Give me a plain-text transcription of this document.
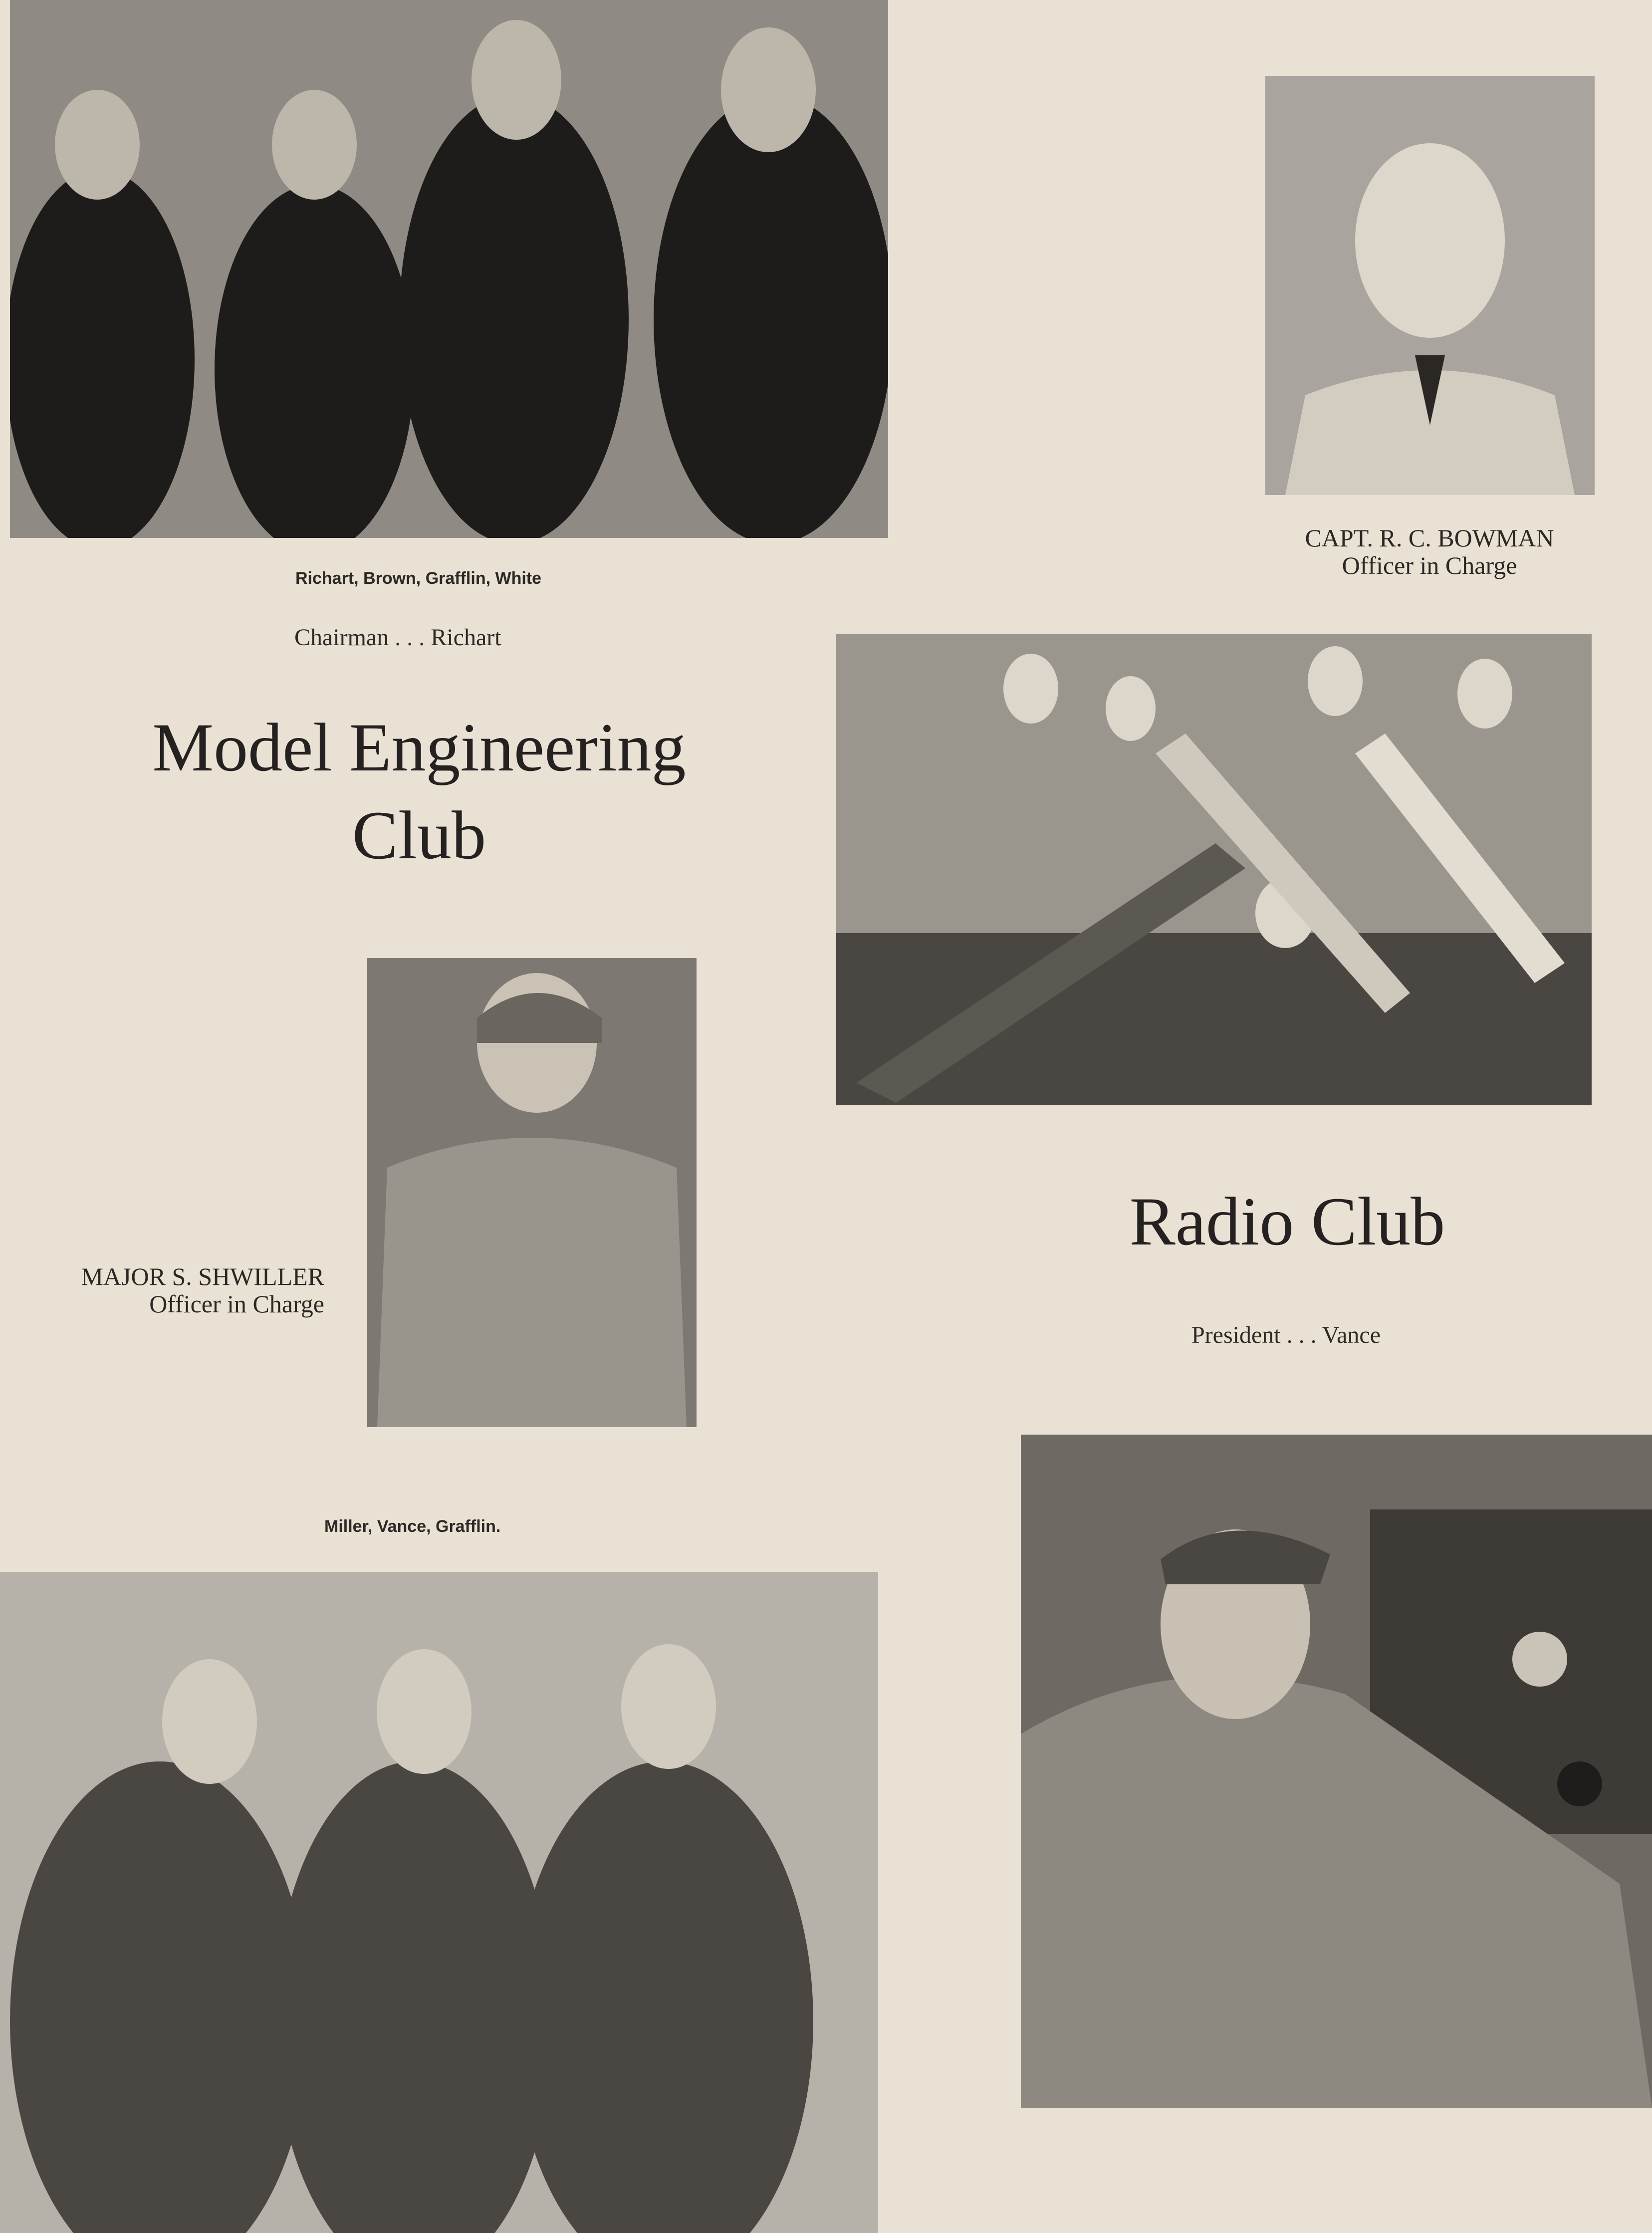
Richart, Brown, Grafflin, White
Chairman . . . Richart
CAPT. R. C. BOWMAN
Officer in Charge
Model Engineering
Club
MAJOR S. SHWILLER
Officer in Charge
Radio Club
President . . . Vance
Miller, Vance, Grafflin.
